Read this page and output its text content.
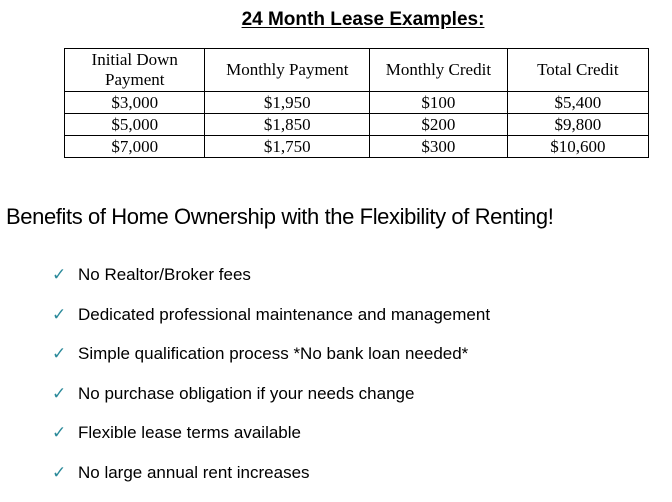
24 Month Lease Examples:
Initial Down Payment	Monthly Payment	Monthly Credit	Total Credit
$3,000	$1,950	$100	$5,400
$5,000	$1,850	$200	$9,800
$7,000	$1,750	$300	$10,600
Benefits of Home Ownership with the Flexibility of Renting!
✓ No Realtor/Broker fees
✓ Dedicated professional maintenance and management
✓ Simple qualification process *No bank loan needed*
✓ No purchase obligation if your needs change
✓ Flexible lease terms available
✓ No large annual rent increases
